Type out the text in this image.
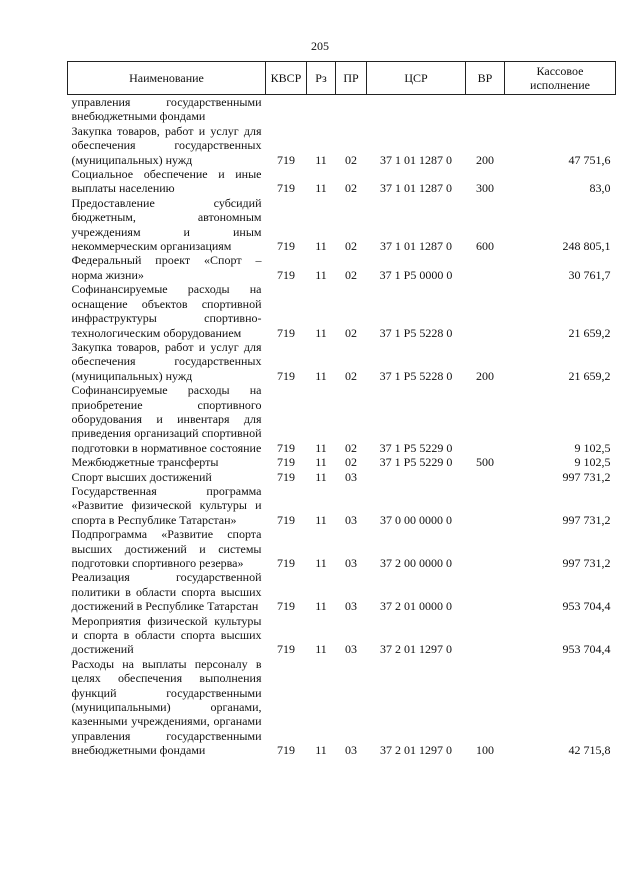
205
Наименование	КВСР	Рз	ПР	ЦСР	ВР	Кассовое исполнение
управления государственными внебюджетными фондами						
Закупка товаров, работ и услуг для обеспечения государственных (муниципальных) нужд	719	11	02	37 1 01 1287 0	200	47 751,6
Социальное обеспечение и иные выплаты населению	719	11	02	37 1 01 1287 0	300	83,0
Предоставление субсидий бюджетным, автономным учреждениям и иным некоммерческим организациям	719	11	02	37 1 01 1287 0	600	248 805,1
Федеральный проект «Спорт – норма жизни»	719	11	02	37 1 P5 0000 0		30 761,7
Софинансируемые расходы на оснащение объектов спортивной инфраструктуры спортивно-технологическим оборудованием	719	11	02	37 1 P5 5228 0		21 659,2
Закупка товаров, работ и услуг для обеспечения государственных (муниципальных) нужд	719	11	02	37 1 P5 5228 0	200	21 659,2
Софинансируемые расходы на приобретение спортивного оборудования и инвентаря для приведения организаций спортивной подготовки в нормативное состояние	719	11	02	37 1 P5 5229 0		9 102,5
Межбюджетные трансферты	719	11	02	37 1 P5 5229 0	500	9 102,5
Спорт высших достижений	719	11	03			997 731,2
Государственная программа «Развитие физической культуры и спорта в Республике Татарстан»	719	11	03	37 0 00 0000 0		997 731,2
Подпрограмма «Развитие спорта высших достижений и системы подготовки спортивного резерва»	719	11	03	37 2 00 0000 0		997 731,2
Реализация государственной политики в области спорта высших достижений в Республике Татарстан	719	11	03	37 2 01 0000 0		953 704,4
Мероприятия физической культуры и спорта в области спорта высших достижений	719	11	03	37 2 01 1297 0		953 704,4
Расходы на выплаты персоналу в целях обеспечения выполнения функций государственными (муниципальными) органами, казенными учреждениями, органами управления государственными внебюджетными фондами	719	11	03	37 2 01 1297 0	100	42 715,8
